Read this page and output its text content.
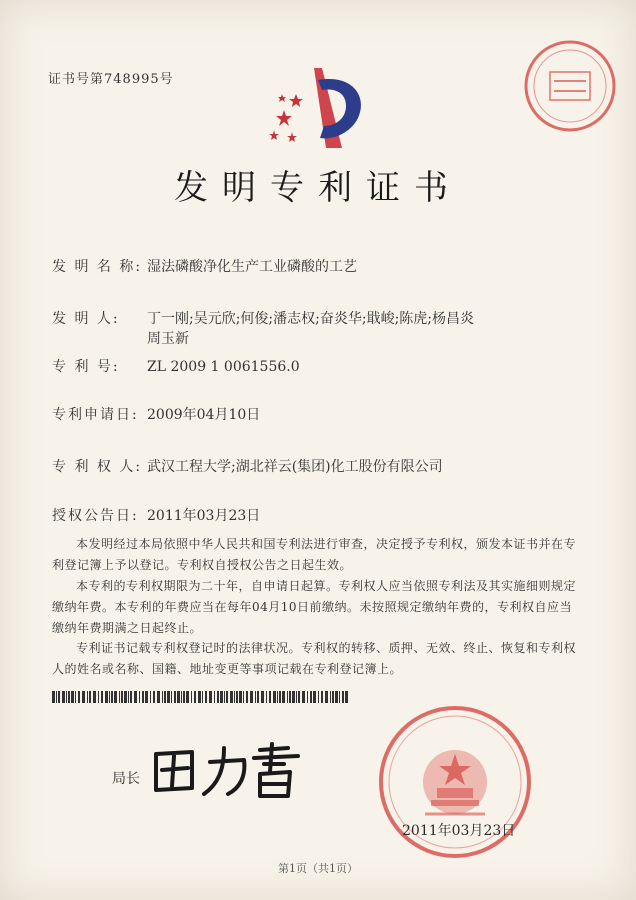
证书号第748995号
发明专利证书
发 明 名 称: 湿法磷酸净化生产工业磷酸的工艺
发 明 人: 丁一刚;吴元欣;何俊;潘志权;奋炎华;戢峻;陈虎;杨昌炎
周玉新
专 利 号: ZL 2009 1 0061556.0
专利申请日: 2009年04月10日
专 利 权 人: 武汉工程大学;湖北祥云(集团)化工股份有限公司
授权公告日: 2011年03月23日
本发明经过本局依照中华人民共和国专利法进行审查，决定授予专利权，颁发本证书并在专利登记簿上予以登记。专利权自授权公告之日起生效。
本专利的专利权期限为二十年，自申请日起算。专利权人应当依照专利法及其实施细则规定缴纳年费。本专利的年费应当在每年04月10日前缴纳。未按照规定缴纳年费的，专利权自应当缴纳年费期满之日起终止。
专利证书记载专利权登记时的法律状况。专利权的转移、质押、无效、终止、恢复和专利权人的姓名或名称、国籍、地址变更等事项记载在专利登记簿上。
局长
2011年03月23日
第1页（共1页）
